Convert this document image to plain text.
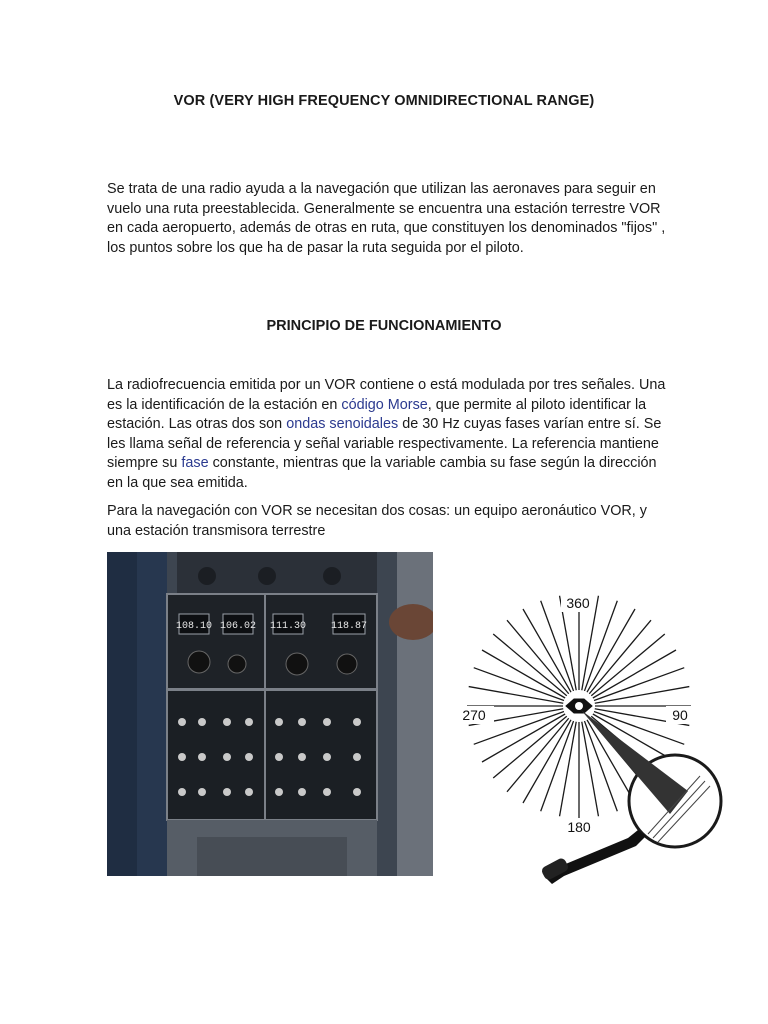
VOR (VERY HIGH FREQUENCY OMNIDIRECTIONAL RANGE)

Se trata de una radio ayuda a la navegación que utilizan las aeronaves para seguir en vuelo una ruta preestablecida. Generalmente se encuentra una estación terrestre VOR en cada aeropuerto, además de otras en ruta, que constituyen los denominados "fijos" , los puntos sobre los que ha de pasar la ruta seguida por el piloto.

PRINCIPIO DE FUNCIONAMIENTO

La radiofrecuencia emitida por un VOR contiene o está modulada por tres señales. Una es la identificación de la estación en código Morse, que permite al piloto identificar la estación. Las otras dos son ondas senoidales de 30 Hz cuyas fases varían entre sí. Se les llama señal de referencia y señal variable respectivamente. La referencia mantiene siempre su fase constante, mientras que la variable cambia su fase según la dirección en la que sea emitida.

Para la navegación con VOR se necesitan dos cosas: un equipo aeronáutico VOR, y una estación transmisora terrestre

108.10 106.02 111.30 118.87
360
270	90
180
